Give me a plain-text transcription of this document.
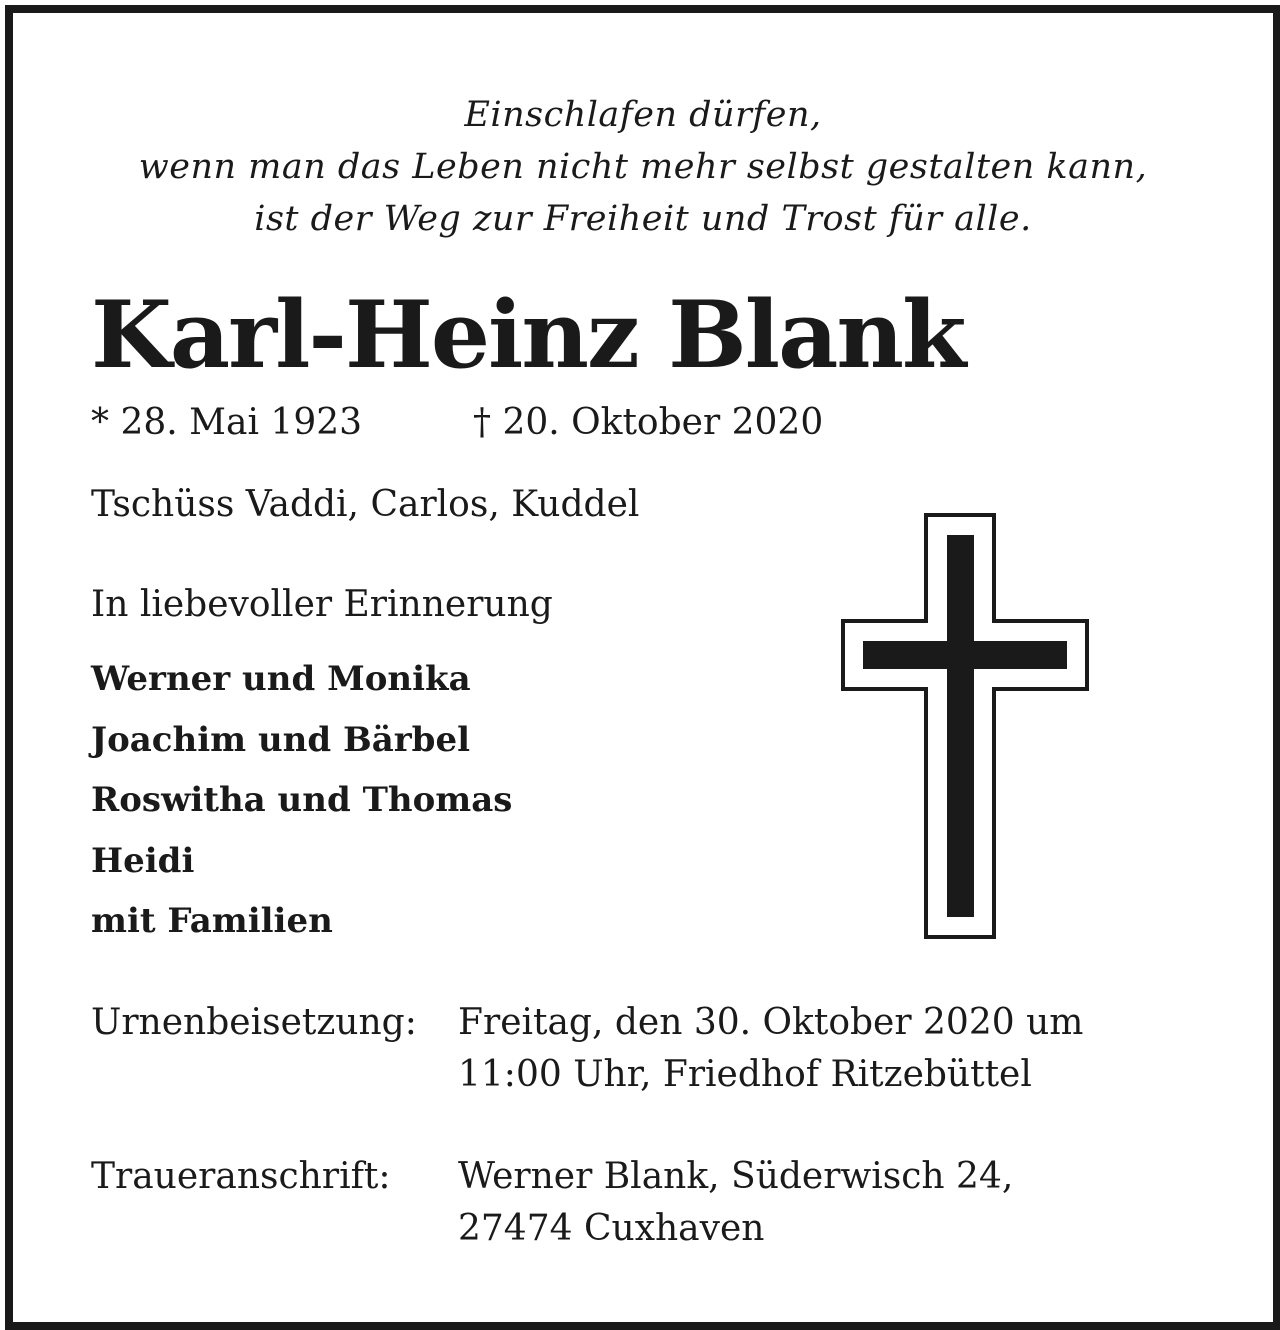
Einschlafen dürfen,
wenn man das Leben nicht mehr selbst gestalten kann,
ist der Weg zur Freiheit und Trost für alle.
Karl-Heinz Blank
* 28. Mai 1923	† 20. Oktober 2020
Tschüss Vaddi, Carlos, Kuddel
In liebevoller Erinnerung
Werner und Monika
Joachim und Bärbel
Roswitha und Thomas
Heidi
mit Familien
Urnenbeisetzung: Freitag, den 30. Oktober 2020 um
11:00 Uhr, Friedhof Ritzebüttel
Traueranschrift: Werner Blank, Süderwisch 24,
27474 Cuxhaven
